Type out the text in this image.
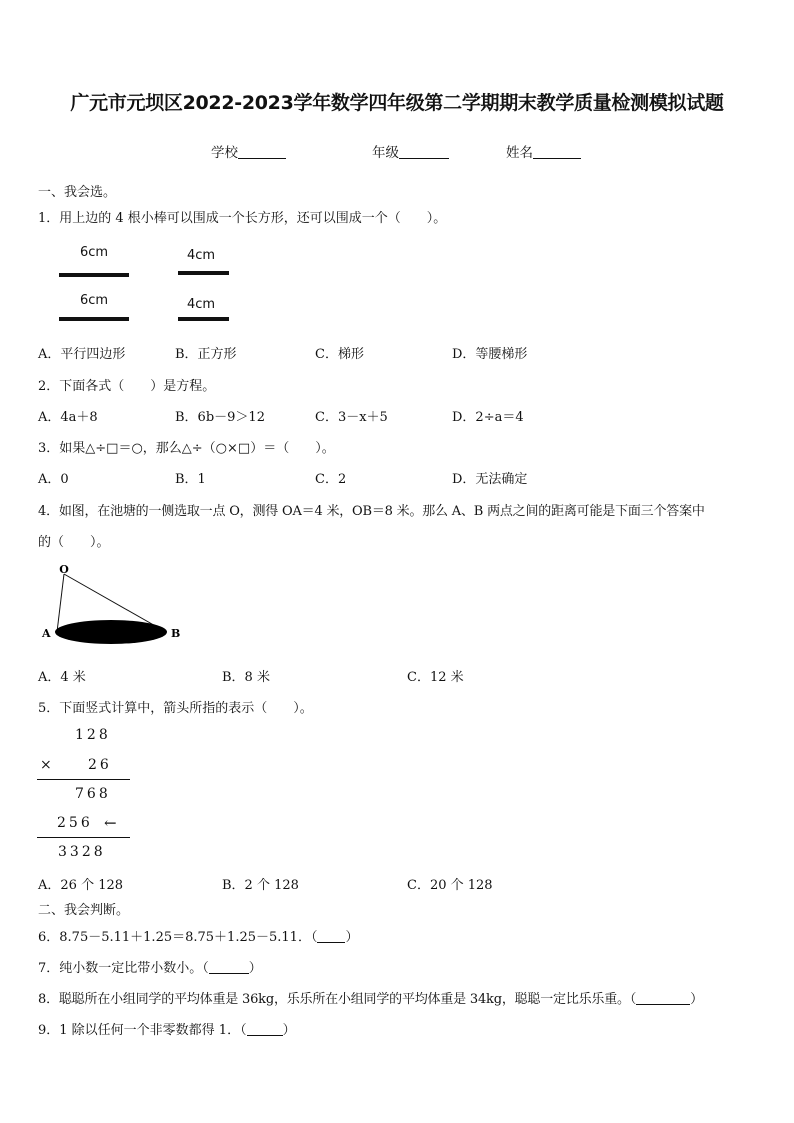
广元市元坝区2022-2023学年数学四年级第二学期期末教学质量检测模拟试题
学校	年级	姓名
一、我会选。
1．用上边的 4 根小棒可以围成一个长方形，还可以围成一个（　　）。
6cm	4cm
6cm	4cm
A．平行四边形	B．正方形	C．梯形	D．等腰梯形
2．下面各式（　　）是方程。
A．4a＋8	B．6b－9＞12	C．3－x＋5	D．2÷a＝4
3．如果△÷□＝○，那么△÷（○×□）＝（　　）。
A．0	B．1	C．2	D．无法确定
4．如图，在池塘的一侧选取一点 O，测得 OA＝4 米，OB＝8 米。那么 A、B 两点之间的距离可能是下面三个答案中
的（　　）。
O
A	B
A．4 米	B．8 米	C．12 米
5．下面竖式计算中，箭头所指的表示（　　）。
128
× 26
768
256 ←
3328
A．26 个 128	B．2 个 128	C．20 个 128
二、我会判断。
6．8.75－5.11＋1.25＝8.75＋1.25－5.11．（ ）
7．纯小数一定比带小数小。（	）
8．聪聪所在小组同学的平均体重是 36kg，乐乐所在小组同学的平均体重是 34kg，聪聪一定比乐乐重。（	）
9．1 除以任何一个非零数都得 1．（	）
